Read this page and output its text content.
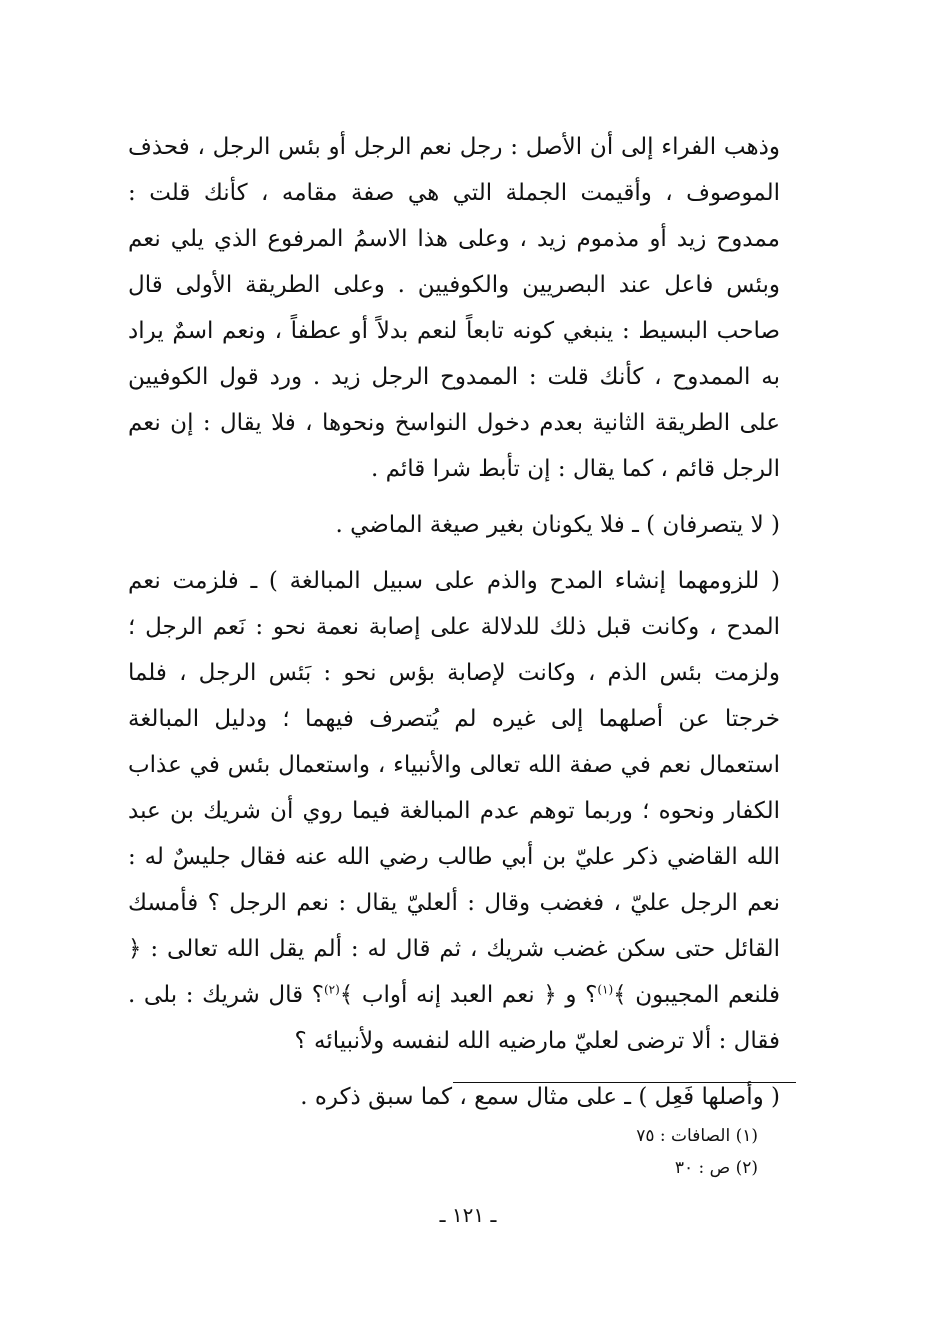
وذهب الفراء إلى أن الأصل : رجل نعم الرجل أو بئس الرجل ، فحذف الموصوف ، وأقيمت الجملة التي هي صفة مقامه ، كأنك قلت : ممدوح زيد أو مذموم زيد ، وعلى هذا الاسمُ المرفوع الذي يلي نعم وبئس فاعل عند البصريين والكوفيين . وعلى الطريقة الأولى قال صاحب البسيط : ينبغي كونه تابعاً لنعم بدلاً أو عطفاً ، ونعم اسمٌ يراد به الممدوح ، كأنك قلت : الممدوح الرجل زيد . ورد قول الكوفيين على الطريقة الثانية بعدم دخول النواسخ ونحوها ، فلا يقال : إن نعم الرجل قائم ، كما يقال : إن تأبط شرا قائم .

( لا يتصرفان ) ـ فلا يكونان بغير صيغة الماضي .

( للزومهما إنشاء المدح والذم على سبيل المبالغة ) ـ فلزمت نعم المدح ، وكانت قبل ذلك للدلالة على إصابة نعمة نحو : نَعم الرجل ؛ ولزمت بئس الذم ، وكانت لإصابة بؤس نحو : بَئس الرجل ، فلما خرجتا عن أصلهما إلى غيره لم يُتصرف فيهما ؛ ودليل المبالغة استعمال نعم في صفة الله تعالى والأنبياء ، واستعمال بئس في عذاب الكفار ونحوه ؛ وربما توهم عدم المبالغة فيما روي أن شريك بن عبد الله القاضي ذكر عليّ بن أبي طالب رضي الله عنه فقال جليسٌ له : نعم الرجل عليّ ، فغضب وقال : ألعليّ يقال : نعم الرجل ؟ فأمسك القائل حتى سكن غضب شريك ، ثم قال له : ألم يقل الله تعالى : ﴿ فلنعم المجيبون ﴾$^{(١)}$؟ و ﴿ نعم العبد إنه أواب ﴾$^{(٢)}$؟ قال شريك : بلى . فقال : ألا ترضى لعليّ مارضيه الله لنفسه ولأنبيائه ؟

( وأصلها فَعِل ) ـ على مثال سمع ، كما سبق ذكره .

(١) الصافات : ٧٥

(٢) ص : ٣٠

ـ ١٢١ ـ
